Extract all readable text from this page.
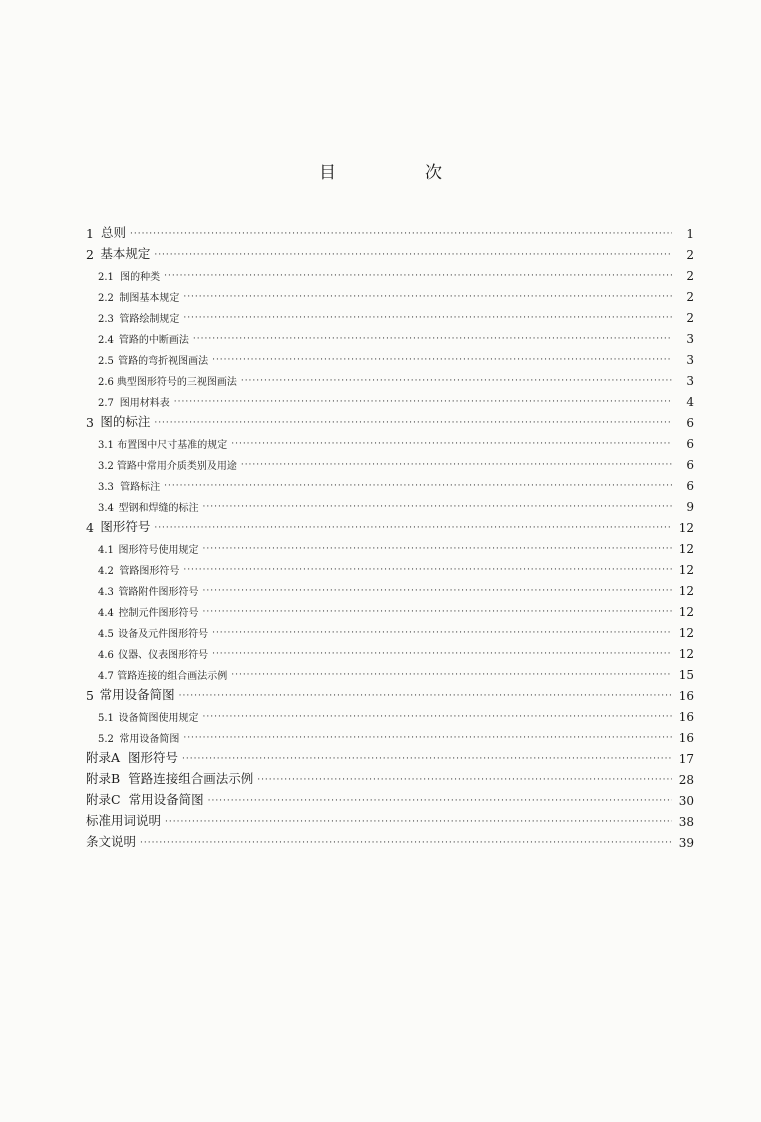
目　次
1 总则 ·····	1
2 基本规定 ·····	2
2.1 图的种类 ·····	2
2.2 制图基本规定 ·····	2
2.3 管路绘制规定 ·····	2
2.4 管路的中断画法 ·····	3
2.5 管路的弯折视图画法 ·····	3
2.6 典型图形符号的三视图画法 ·····	3
2.7 图用材料表 ·····	4
3 图的标注 ·····	6
3.1 布置图中尺寸基准的规定 ·····	6
3.2 管路中常用介质类别及用途 ·····	6
3.3 管路标注 ·····	6
3.4 型钢和焊缝的标注 ·····	9
4 图形符号 ·····	12
4.1 图形符号使用规定 ·····	12
4.2 管路图形符号 ·····	12
4.3 管路附件图形符号 ·····	12
4.4 控制元件图形符号 ·····	12
4.5 设备及元件图形符号 ·····	12
4.6 仪器、仪表图形符号 ·····	12
4.7 管路连接的组合画法示例 ·····	15
5 常用设备简图 ·····	16
5.1 设备简图使用规定 ·····	16
5.2 常用设备简图 ·····	16
附录A 图形符号 ·····	17
附录B 管路连接组合画法示例 ·····	28
附录C 常用设备简图 ·····	30
标准用词说明 ·····	38
条文说明 ·····	39
